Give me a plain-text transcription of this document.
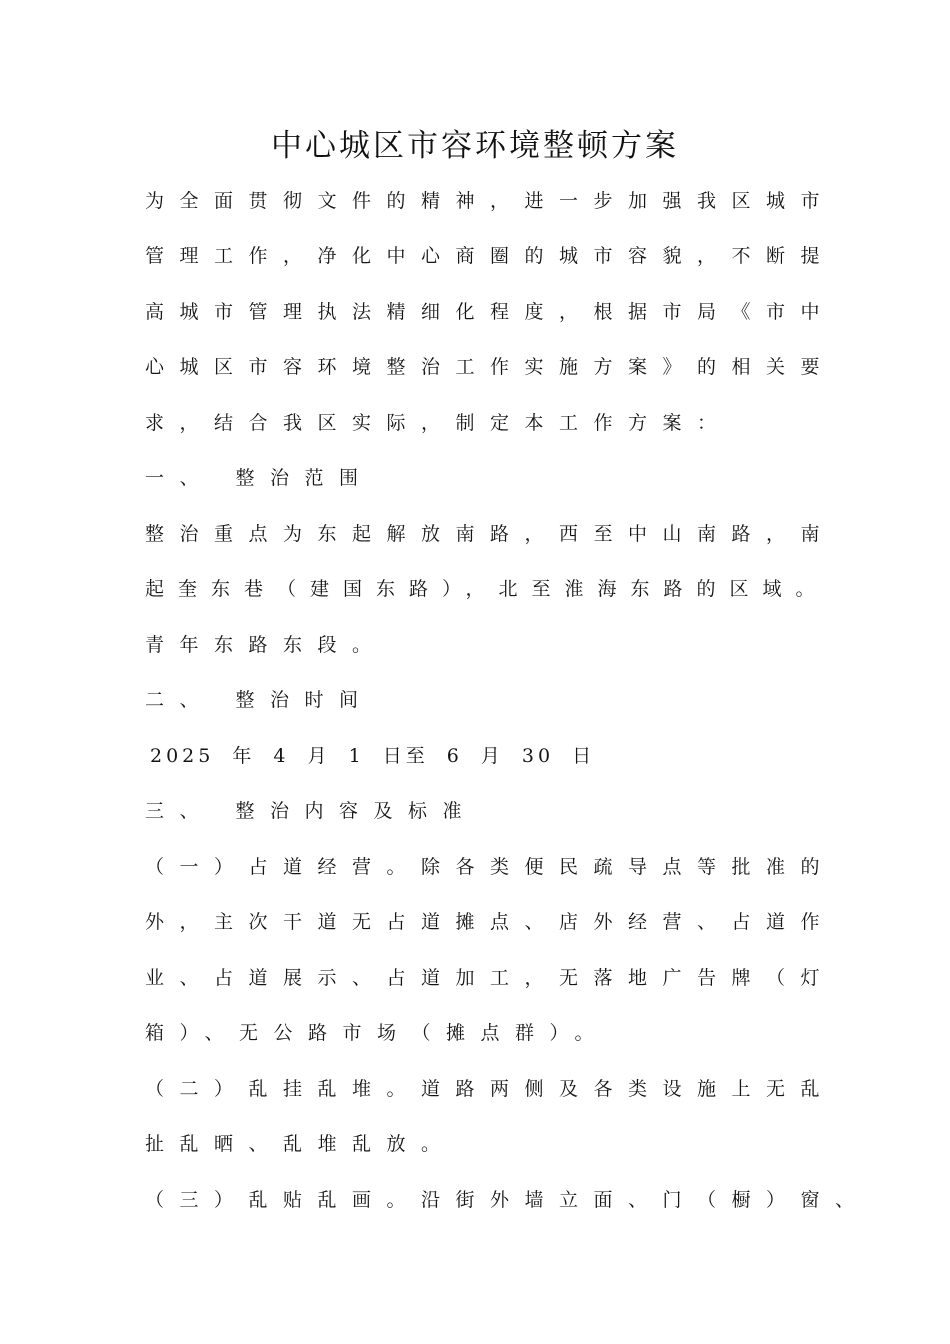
中心城区市容环境整顿方案
为全面贯彻文件的精神，进一步加强我区城市
管理工作，净化中心商圈的城市容貌，不断提
高城市管理执法精细化程度，根据市局《市中
心城区市容环境整治工作实施方案》的相关要
求，结合我区实际，制定本工作方案：
一、 整治范围
整治重点为东起解放南路，西至中山南路，南
起奎东巷（建国东路），北至淮海东路的区域。
青年东路东段。
二、 整治时间
2025 年 4 月 1 日至 6 月 30 日
三、 整治内容及标准
（一）占道经营。除各类便民疏导点等批准的
外，主次干道无占道摊点、店外经营、占道作
业、占道展示、占道加工，无落地广告牌（灯
箱）、无公路市场（摊点群）。
（二）乱挂乱堆。道路两侧及各类设施上无乱
扯乱晒、乱堆乱放。
（三）乱贴乱画。沿街外墙立面、门（橱）窗、
